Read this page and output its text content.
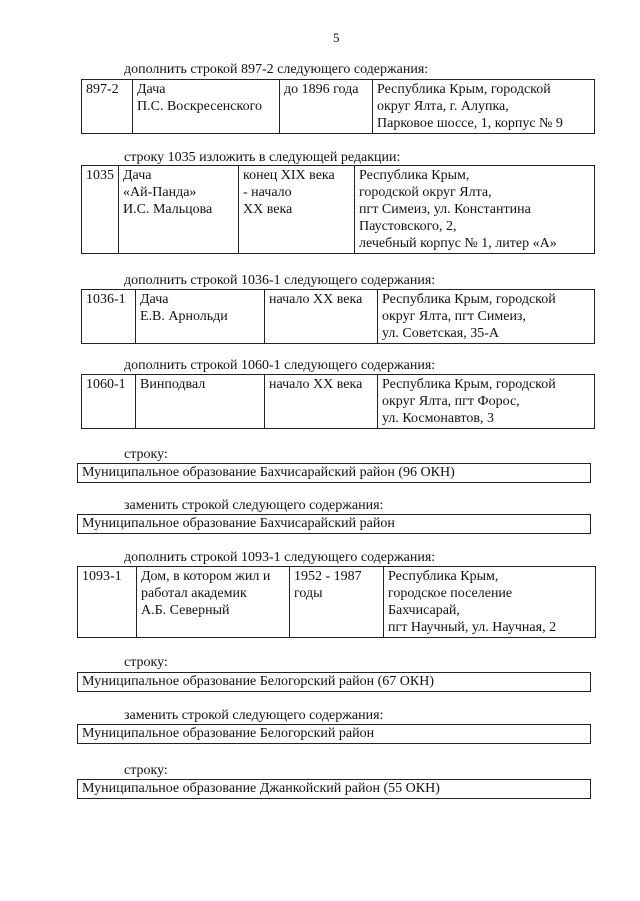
5
дополнить строкой 897-2 следующего содержания:
897-2	Дача
П.С. Воскресенского	до 1896 года	Республика Крым, городской
округ Ялта, г. Алупка,
Парковое шоссе, 1, корпус № 9
строку 1035 изложить в следующей редакции:
1035	Дача
«Ай-Панда»
И.С. Мальцова	конец XIX века
- начало
XX века	Республика Крым,
городской округ Ялта,
пгт Симеиз, ул. Константина
Паустовского, 2,
лечебный корпус № 1, литер «А»
дополнить строкой 1036-1 следующего содержания:
1036-1	Дача
Е.В. Арнольди	начало XX века	Республика Крым, городской
округ Ялта, пгт Симеиз,
ул. Советская, 35-А
дополнить строкой 1060-1 следующего содержания:
1060-1	Винподвал	начало XX века	Республика Крым, городской
округ Ялта, пгт Форос,
ул. Космонавтов, 3
строку:
Муниципальное образование Бахчисарайский район (96 ОКН)
заменить строкой следующего содержания:
Муниципальное образование Бахчисарайский район
дополнить строкой 1093-1 следующего содержания:
1093-1	Дом, в котором жил и
работал академик
А.Б. Северный	1952 - 1987
годы	Республика Крым,
городское поселение
Бахчисарай,
пгт Научный, ул. Научная, 2
строку:
Муниципальное образование Белогорский район (67 ОКН)
заменить строкой следующего содержания:
Муниципальное образование Белогорский район
строку:
Муниципальное образование Джанкойский район (55 ОКН)
